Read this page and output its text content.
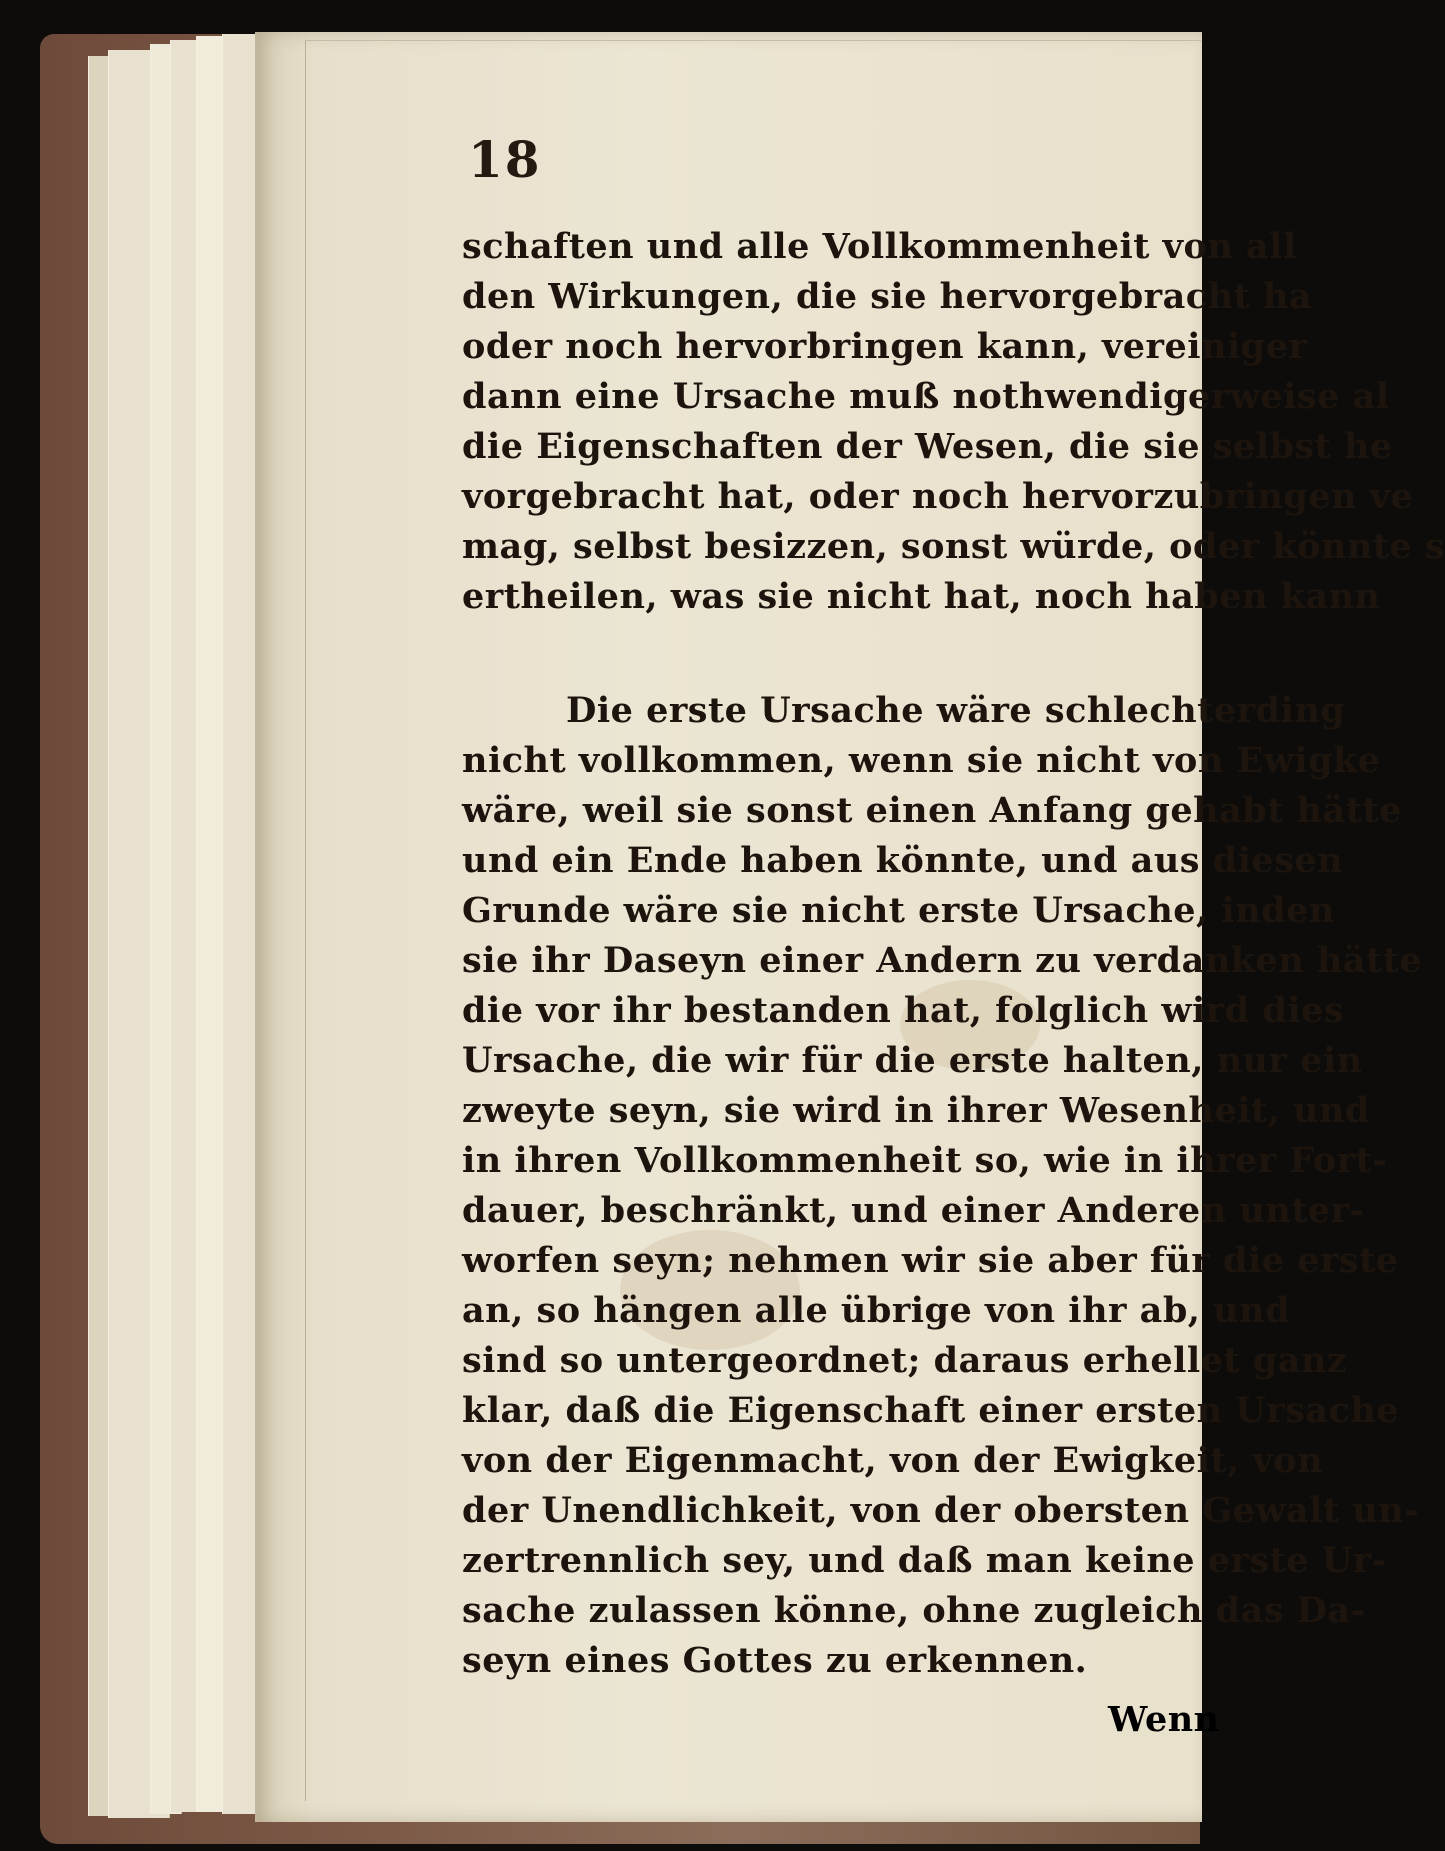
18
schaften und alle Vollkommenheit von all
den Wirkungen, die sie hervorgebracht ha
oder noch hervorbringen kann, vereiniger
dann eine Ursache muß nothwendigerweise al
die Eigenschaften der Wesen, die sie selbst he
vorgebracht hat, oder noch hervorzubringen ve
mag, selbst besizzen, sonst würde, oder könnte s
ertheilen, was sie nicht hat, noch haben kann
Die erste Ursache wäre schlechterding
nicht vollkommen, wenn sie nicht von Ewigke
wäre, weil sie sonst einen Anfang gehabt hätte
und ein Ende haben könnte, und aus diesen
Grunde wäre sie nicht erste Ursache, inden
sie ihr Daseyn einer Andern zu verdanken hätte
die vor ihr bestanden hat, folglich wird dies
Ursache, die wir für die erste halten, nur ein
zweyte seyn, sie wird in ihrer Wesenheit, und
in ihren Vollkommenheit so, wie in ihrer Fort-
dauer, beschränkt, und einer Anderen unter-
worfen seyn; nehmen wir sie aber für die erste
an, so hängen alle übrige von ihr ab, und
sind so untergeordnet; daraus erhellet ganz
klar, daß die Eigenschaft einer ersten Ursache
von der Eigenmacht, von der Ewigkeit, von
der Unendlichkeit, von der obersten Gewalt un-
zertrennlich sey, und daß man keine erste Ur-
sache zulassen könne, ohne zugleich das Da-
seyn eines Gottes zu erkennen.
Wenn
